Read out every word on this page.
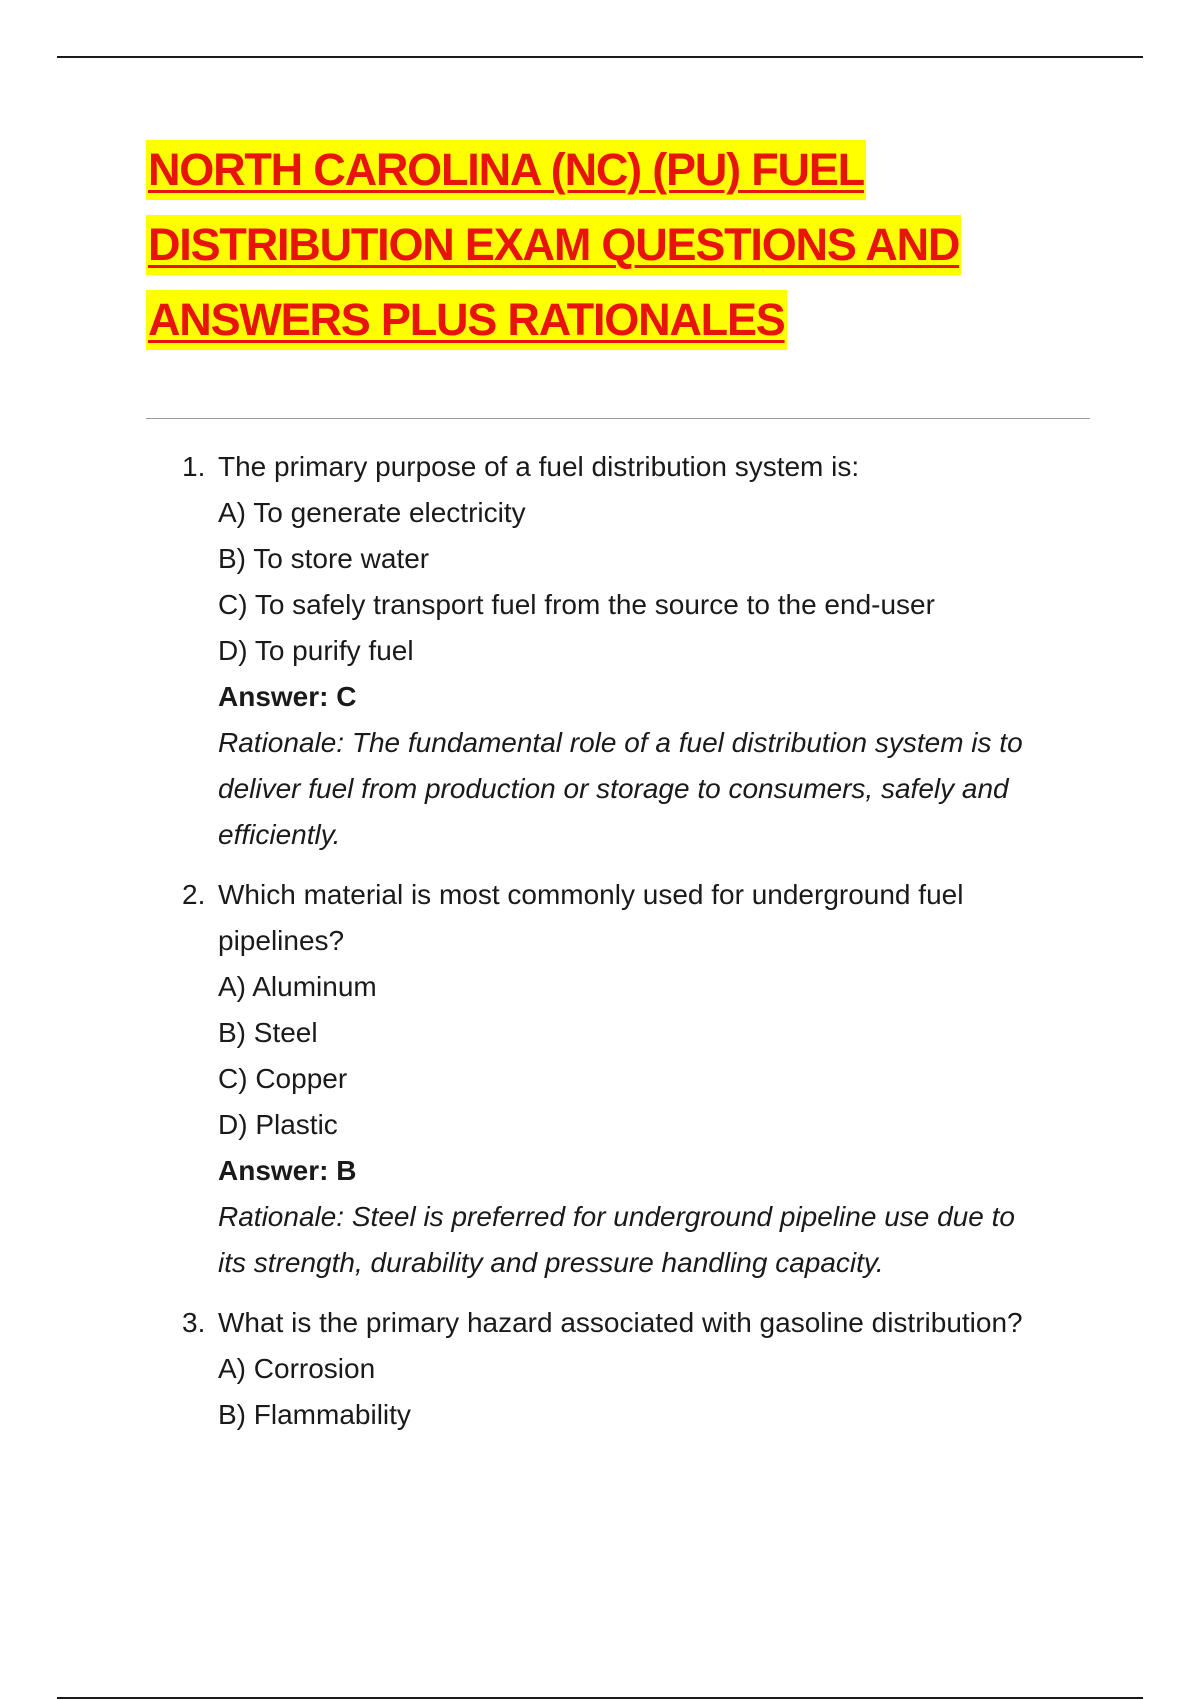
NORTH CAROLINA (NC) (PU) FUEL
DISTRIBUTION EXAM QUESTIONS AND
ANSWERS PLUS RATIONALES
1. The primary purpose of a fuel distribution system is:
A) To generate electricity
B) To store water
C) To safely transport fuel from the source to the end-user
D) To purify fuel
Answer: C
Rationale: The fundamental role of a fuel distribution system is to
deliver fuel from production or storage to consumers, safely and
efficiently.
2. Which material is most commonly used for underground fuel
pipelines?
A) Aluminum
B) Steel
C) Copper
D) Plastic
Answer: B
Rationale: Steel is preferred for underground pipeline use due to
its strength, durability and pressure handling capacity.
3. What is the primary hazard associated with gasoline distribution?
A) Corrosion
B) Flammability
